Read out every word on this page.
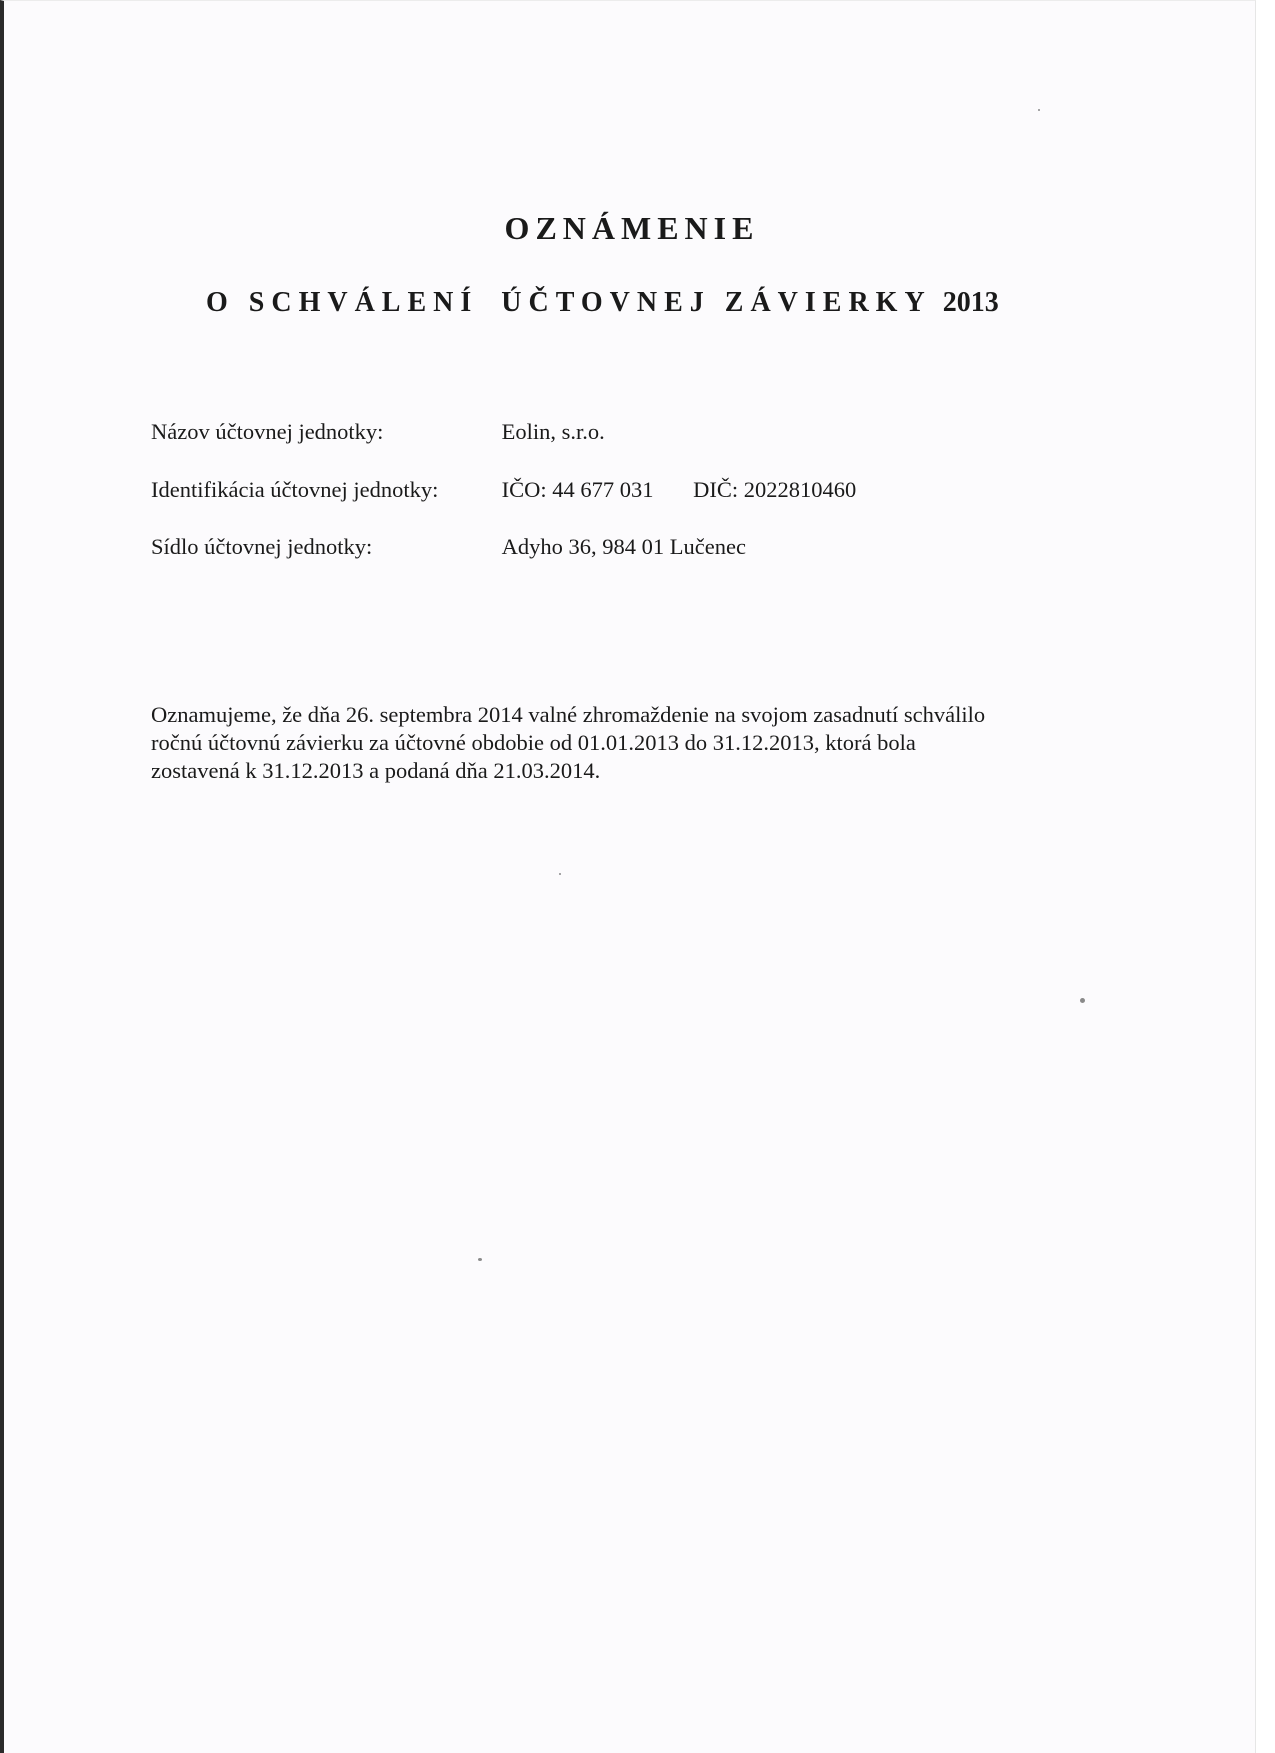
OZNÁMENIE
O SCHVÁLENÍ ÚČTOVNEJ ZÁVIERKY 2013
Názov účtovnej jednotky:	Eolin, s.r.o.
Identifikácia účtovnej jednotky:	IČO: 44 677 031 DIČ: 2022810460
Sídlo účtovnej jednotky:	Adyho 36, 984 01 Lučenec
Oznamujeme, že dňa 26. septembra 2014 valné zhromaždenie na svojom zasadnutí schválilo
ročnú účtovnú závierku za účtovné obdobie od 01.01.2013 do 31.12.2013, ktorá bola
zostavená k 31.12.2013 a podaná dňa 21.03.2014.
